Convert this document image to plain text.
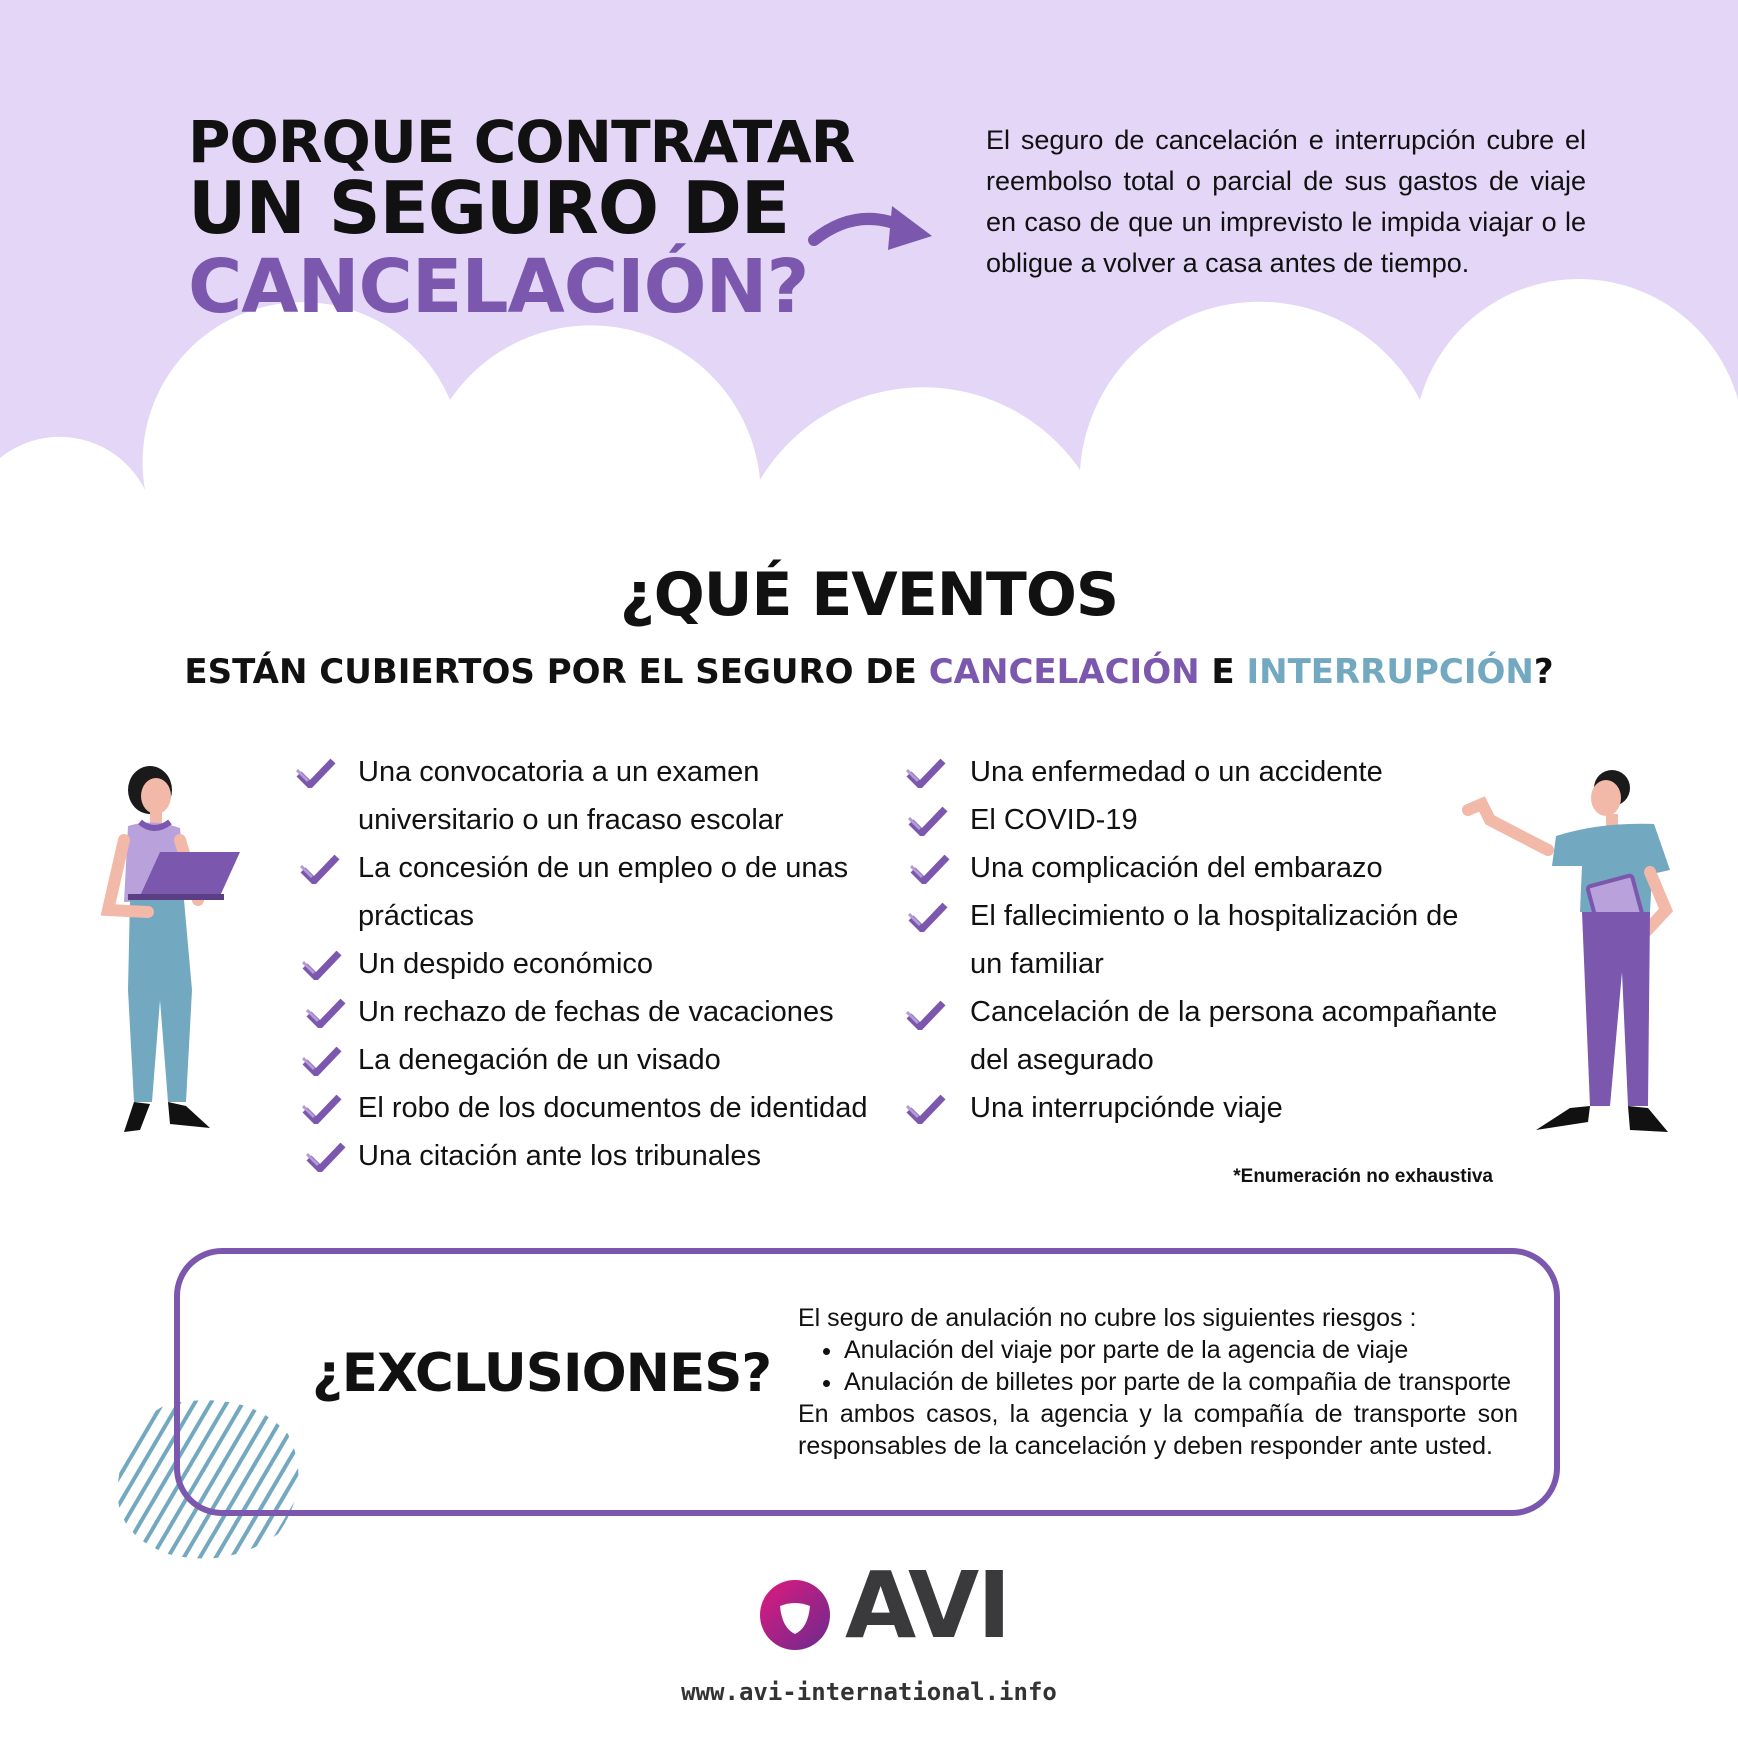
PORQUE CONTRATAR
UN SEGURO DE
CANCELACIÓN?
El seguro de cancelación e interrupción cubre el reembolso total o parcial de sus gastos de viaje en caso de que un imprevisto le impida viajar o le obligue a volver a casa antes de tiempo.
¿QUÉ EVENTOS
ESTÁN CUBIERTOS POR EL SEGURO DE CANCELACIÓN E INTERRUPCIÓN?
Una convocatoria a un examen universitario o un fracaso escolar
La concesión de un empleo o de unas prácticas
Un despido económico
Un rechazo de fechas de vacaciones
La denegación de un visado
El robo de los documentos de identidad
Una citación ante los tribunales
Una enfermedad o un accidente
El COVID-19
Una complicación del embarazo
El fallecimiento o la hospitalización de un familiar
Cancelación de la persona acompañante del asegurado
Una interrupciónde viaje
*Enumeración no exhaustiva
¿EXCLUSIONES?

El seguro de anulación no cubre los siguientes riesgos :

• Anulación del viaje por parte de la agencia de viaje
• Anulación de billetes por parte de la compañia de transporte

En ambos casos, la agencia y la compañía de transporte son responsables de la cancelación y deben responder ante usted.

AVI
www.avi-international.info
